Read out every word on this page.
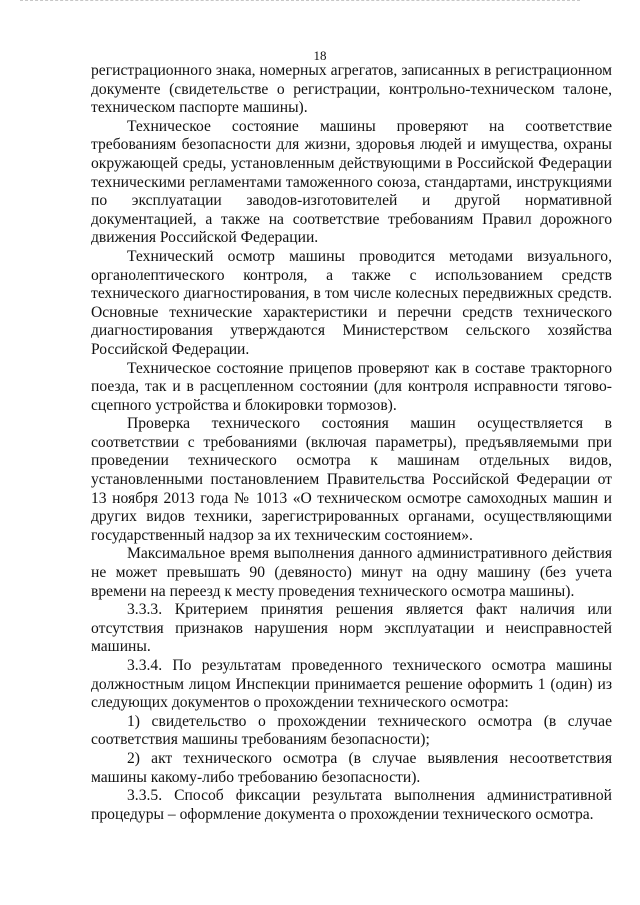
18

регистрационного знака, номерных агрегатов, записанных в регистрационном документе (свидетельстве о регистрации, контрольно-техническом талоне, техническом паспорте машины).

Техническое состояние машины проверяют на соответствие требованиям безопасности для жизни, здоровья людей и имущества, охраны окружающей среды, установленным действующими в Российской Федерации техническими регламентами таможенного союза, стандартами, инструкциями по эксплуатации заводов-изготовителей и другой нормативной документацией, а также на соответствие требованиям Правил дорожного движения Российской Федерации.

Технический осмотр машины проводится методами визуального, органолептического контроля, а также с использованием средств технического диагностирования, в том числе колесных передвижных средств. Основные технические характеристики и перечни средств технического диагностирования утверждаются Министерством сельского хозяйства Российской Федерации.

Техническое состояние прицепов проверяют как в составе тракторного поезда, так и в расцепленном состоянии (для контроля исправности тягово-сцепного устройства и блокировки тормозов).

Проверка технического состояния машин осуществляется в соответствии с требованиями (включая параметры), предъявляемыми при проведении технического осмотра к машинам отдельных видов, установленными постановлением Правительства Российской Федерации от 13 ноября 2013 года № 1013 «О техническом осмотре самоходных машин и других видов техники, зарегистрированных органами, осуществляющими государственный надзор за их техническим состоянием».

Максимальное время выполнения данного административного действия не может превышать 90 (девяносто) минут на одну машину (без учета времени на переезд к месту проведения технического осмотра машины).

3.3.3. Критерием принятия решения является факт наличия или отсутствия признаков нарушения норм эксплуатации и неисправностей машины.

3.3.4. По результатам проведенного технического осмотра машины должностным лицом Инспекции принимается решение оформить 1 (один) из следующих документов о прохождении технического осмотра:

1) свидетельство о прохождении технического осмотра (в случае соответствия машины требованиям безопасности);

2) акт технического осмотра (в случае выявления несоответствия машины какому-либо требованию безопасности).

3.3.5. Способ фиксации результата выполнения административной процедуры – оформление документа о прохождении технического осмотра.
